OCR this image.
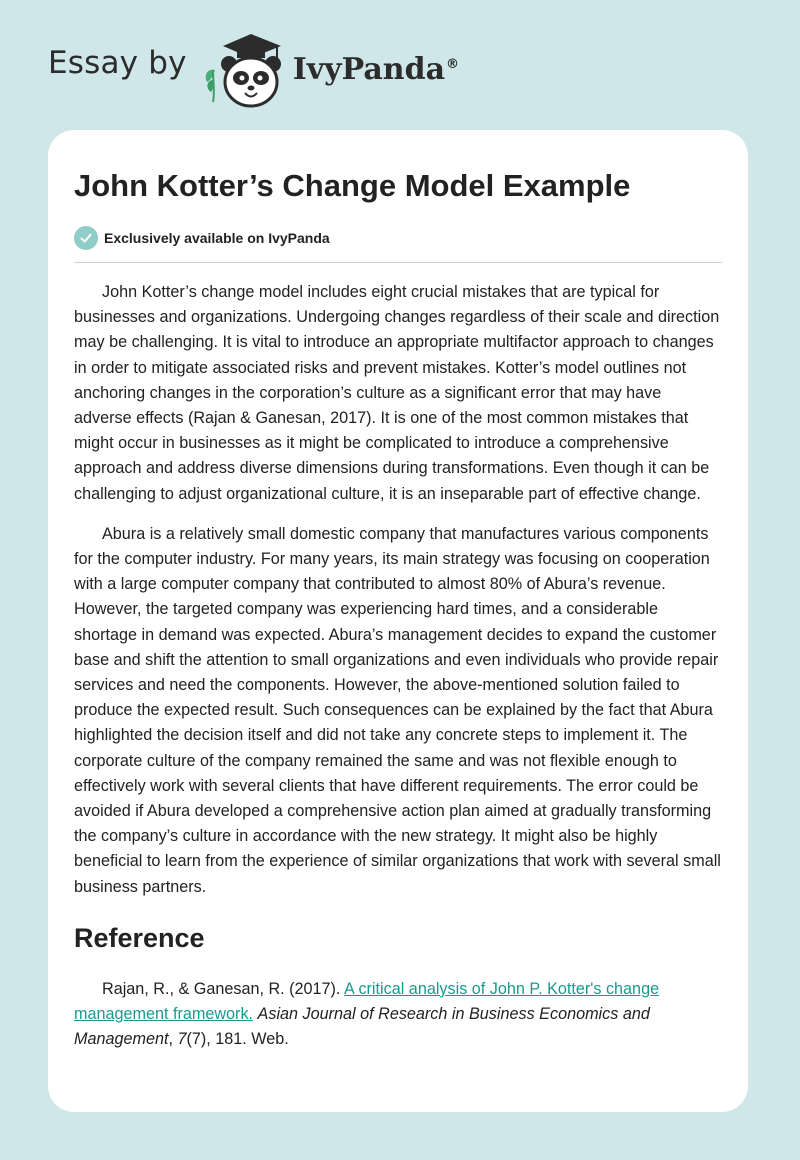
Essay by	IvyPanda®
John Kotter’s Change Model Example
Exclusively available on IvyPanda

John Kotter’s change model includes eight crucial mistakes that are typical for businesses and organizations. Undergoing changes regardless of their scale and direction may be challenging. It is vital to introduce an appropriate multifactor approach to changes in order to mitigate associated risks and prevent mistakes. Kotter’s model outlines not anchoring changes in the corporation’s culture as a significant error that may have adverse effects (Rajan & Ganesan, 2017). It is one of the most common mistakes that might occur in businesses as it might be complicated to introduce a comprehensive approach and address diverse dimensions during transformations. Even though it can be challenging to adjust organizational culture, it is an inseparable part of effective change.

Abura is a relatively small domestic company that manufactures various components for the computer industry. For many years, its main strategy was focusing on cooperation with a large computer company that contributed to almost 80% of Abura’s revenue. However, the targeted company was experiencing hard times, and a considerable shortage in demand was expected. Abura’s management decides to expand the customer base and shift the attention to small organizations and even individuals who provide repair services and need the components. However, the above-mentioned solution failed to produce the expected result. Such consequences can be explained by the fact that Abura highlighted the decision itself and did not take any concrete steps to implement it. The corporate culture of the company remained the same and was not flexible enough to effectively work with several clients that have different requirements. The error could be avoided if Abura developed a comprehensive action plan aimed at gradually transforming the company’s culture in accordance with the new strategy. It might also be highly beneficial to learn from the experience of similar organizations that work with several small business partners.

Reference
Rajan, R., & Ganesan, R. (2017). A critical analysis of John P. Kotter's change management framework. Asian Journal of Research in Business Economics and Management, 7(7), 181. Web.
